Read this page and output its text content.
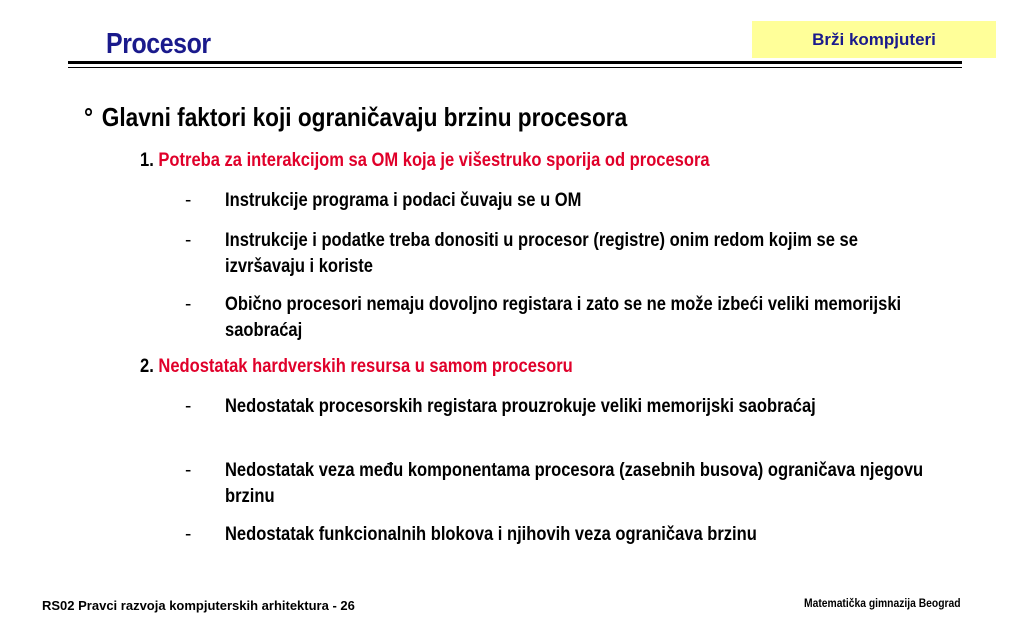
Procesor	Brži kompjuteri
° Glavni faktori koji ograničavaju brzinu procesora
1. Potreba za interakcijom sa OM koja je višestruko sporija od procesora
- Instrukcije programa i podaci čuvaju se u OM
- Instrukcije i podatke treba donositi u procesor (registre) onim redom kojim se se izvršavaju i koriste
- Obično procesori nemaju dovoljno registara i zato se ne može izbeći veliki memorijski saobraćaj
2. Nedostatak hardverskih resursa u samom procesoru
- Nedostatak procesorskih registara prouzrokuje veliki memorijski saobraćaj
- Nedostatak veza među komponentama procesora (zasebnih busova) ograničava njegovu brzinu
- Nedostatak funkcionalnih blokova i njihovih veza ograničava brzinu
RS02 Pravci razvoja kompjuterskih arhitektura - 26	Matematička gimnazija Beograd
